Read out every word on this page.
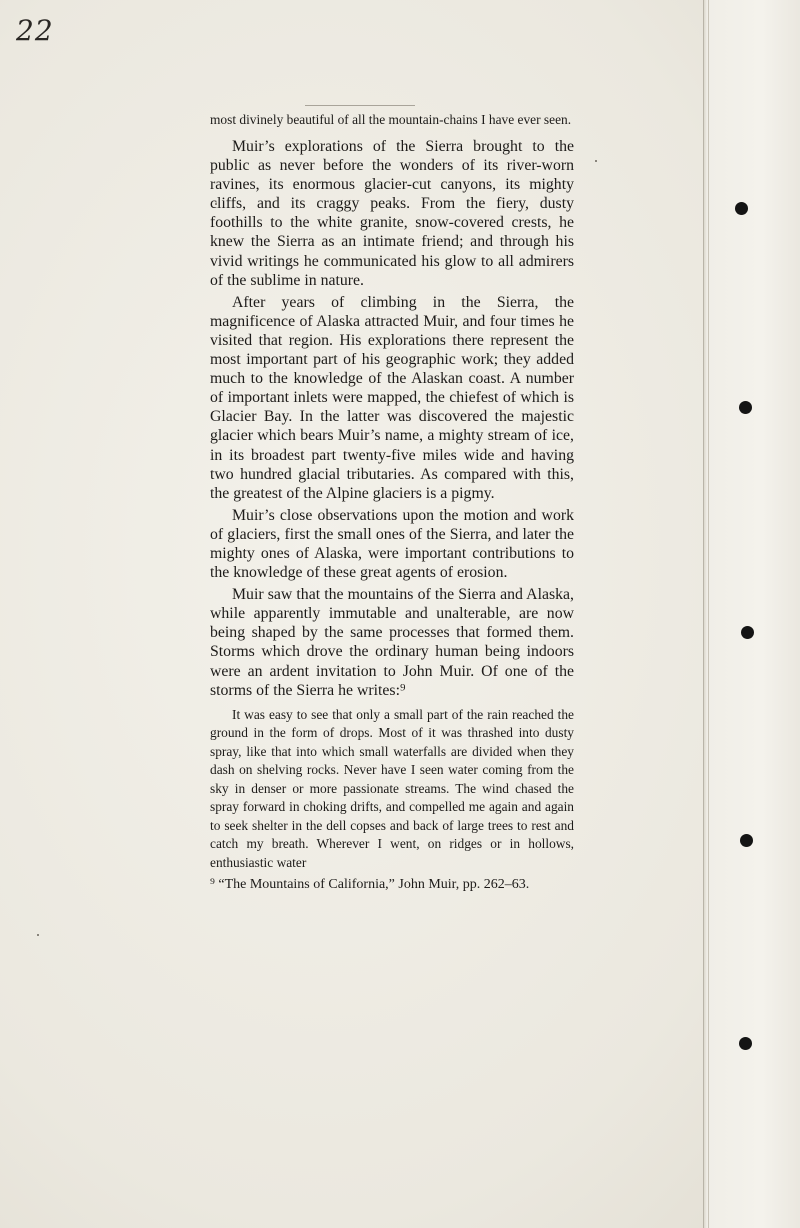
22

most divinely beautiful of all the mountain-chains I have ever seen.

Muir’s explorations of the Sierra brought to the public as never before the wonders of its river-worn ravines, its enormous glacier-cut canyons, its mighty cliffs, and its craggy peaks. From the fiery, dusty foothills to the white granite, snow-covered crests, he knew the Sierra as an intimate friend; and through his vivid writings he communicated his glow to all admirers of the sublime in nature.

After years of climbing in the Sierra, the magnificence of Alaska attracted Muir, and four times he visited that region. His explorations there represent the most important part of his geographic work; they added much to the knowledge of the Alaskan coast. A number of important inlets were mapped, the chiefest of which is Glacier Bay. In the latter was discovered the majestic glacier which bears Muir’s name, a mighty stream of ice, in its broadest part twenty-five miles wide and having two hundred glacial tributaries. As compared with this, the greatest of the Alpine glaciers is a pigmy.

Muir’s close observations upon the motion and work of glaciers, first the small ones of the Sierra, and later the mighty ones of Alaska, were important contributions to the knowledge of these great agents of erosion.

Muir saw that the mountains of the Sierra and Alaska, while apparently immutable and unalterable, are now being shaped by the same processes that formed them. Storms which drove the ordinary human being indoors were an ardent invitation to John Muir. Of one of the storms of the Sierra he writes:⁹

It was easy to see that only a small part of the rain reached the ground in the form of drops. Most of it was thrashed into dusty spray, like that into which small waterfalls are divided when they dash on shelving rocks. Never have I seen water coming from the sky in denser or more passionate streams. The wind chased the spray forward in choking drifts, and compelled me again and again to seek shelter in the dell copses and back of large trees to rest and catch my breath. Wherever I went, on ridges or in hollows, enthusiastic water

⁹ “The Mountains of California,” John Muir, pp. 262–63.
